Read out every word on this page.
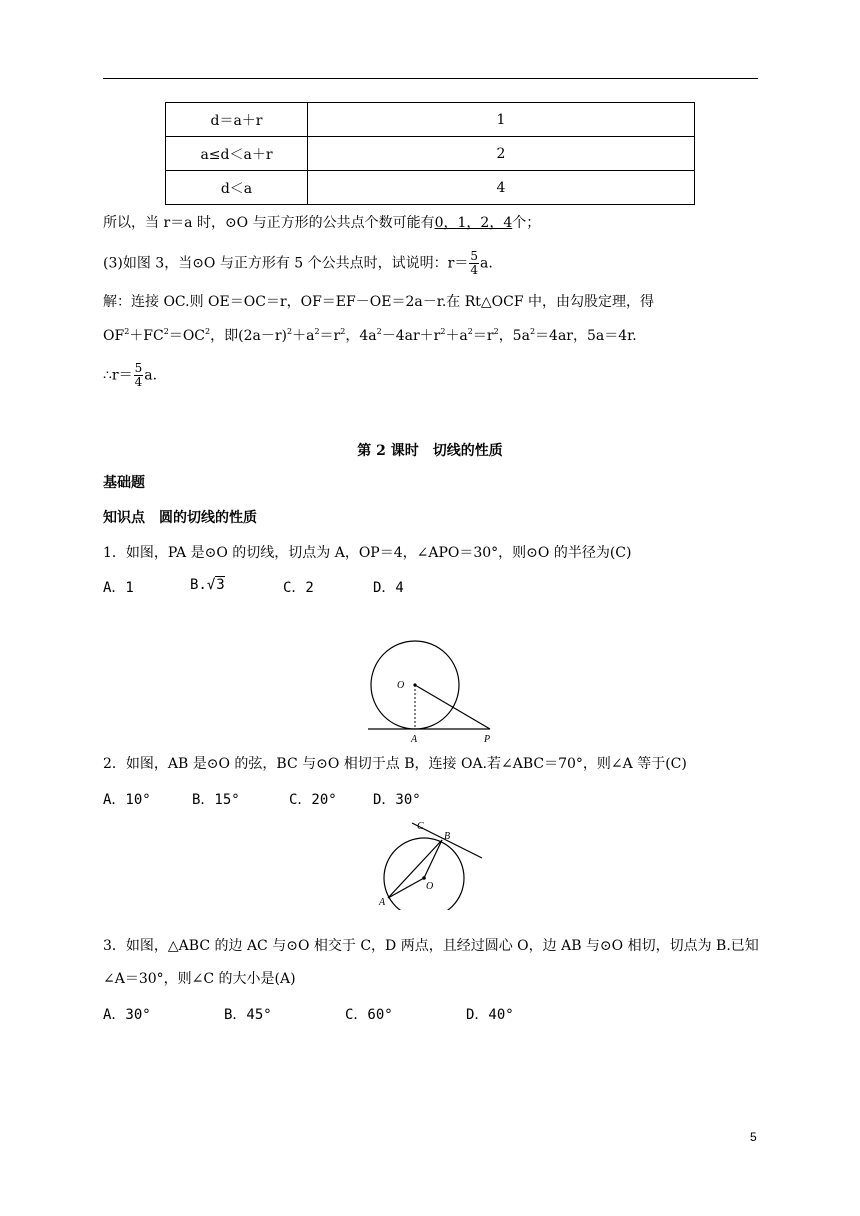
d＝a＋r	1
a≤d＜a＋r	2
d＜a	4
所以，当 r＝a 时，⊙O 与正方形的公共点个数可能有0，1，2，4个；
(3)如图 3，当⊙O 与正方形有 5 个公共点时，试说明：$r= \frac{5}{4} a$.
解：连接 OC.则 OE＝OC＝r，OF＝EF－OE＝2a－r.在 Rt△OCF 中，由勾股定理，得
$OF^2+FC^2=OC^2$，即$(2a-r)^2+a^2=r^2$，$4a^2-4ar+r^2+a^2=r^2$，$5a^2=4ar$，5a＝4r.
∴r＝ $\frac{5}{4} a$.
第 2 课时　切线的性质
基础题
知识点　圆的切线的性质
1．如图，PA 是⊙O 的切线，切点为 A，OP＝4，∠APO＝30°，则⊙O 的半径为(C)
A．1	B.√3	C．2	D．4
O
A	P
2．如图，AB 是⊙O 的弦，BC 与⊙O 相切于点 B，连接 OA.若∠ABC＝70°，则∠A 等于(C)
A．10°	B．15°	C．20°	D．30°
C
B
O
A
3．如图，△ABC 的边 AC 与⊙O 相交于 C，D 两点，且经过圆心 O，边 AB 与⊙O 相切，切点为 B.已知
∠A＝30°，则∠C 的大小是(A)
A．30°	B．45°	C．60°	D．40°
5
